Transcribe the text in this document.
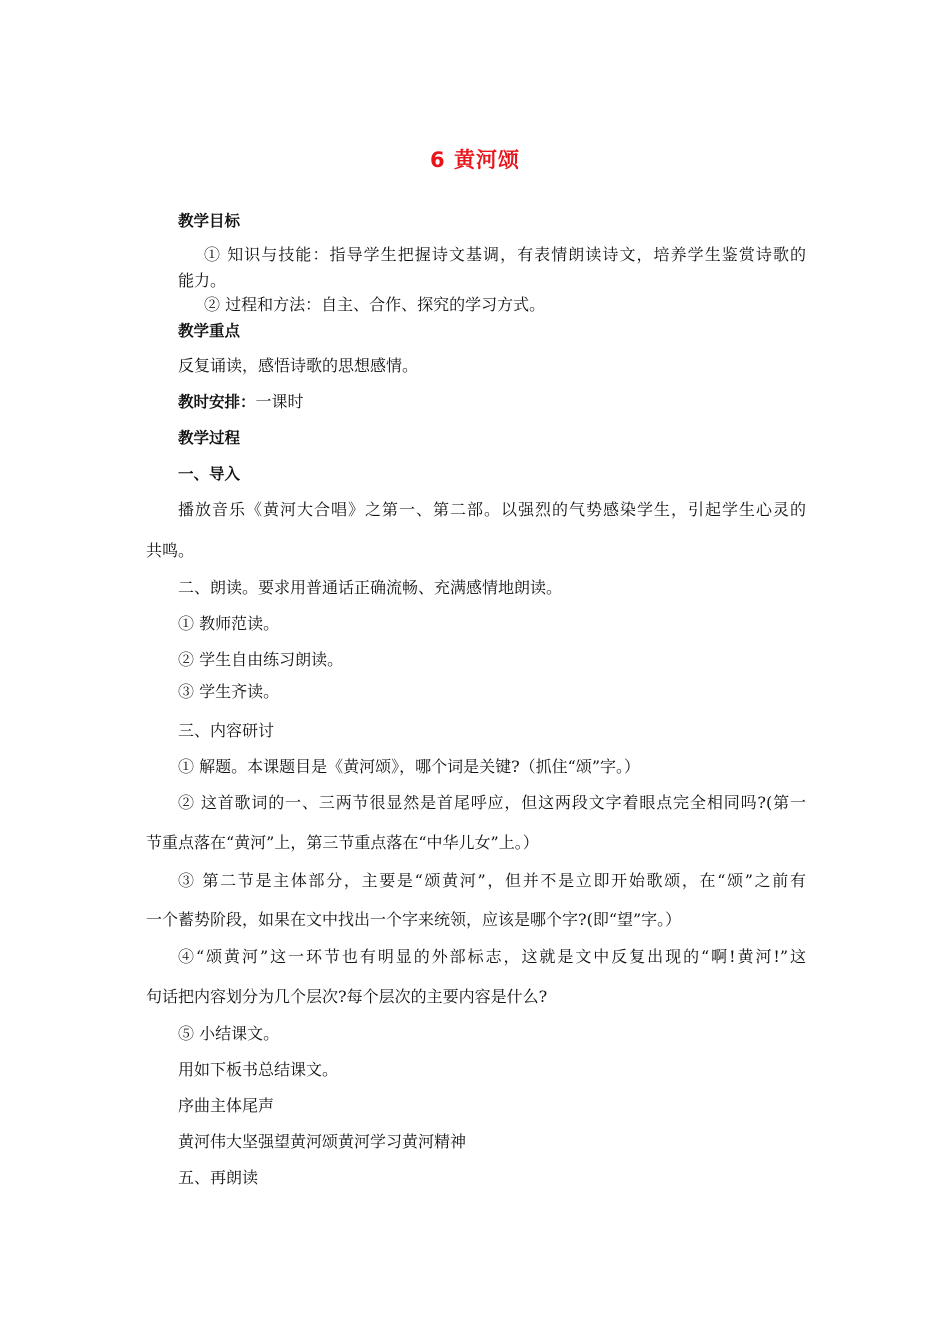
6 黄河颂
教学目标
① 知识与技能：指导学生把握诗文基调，有表情朗读诗文，培养学生鉴赏诗歌的
能力。
② 过程和方法：自主、合作、探究的学习方式。
教学重点
反复诵读，感悟诗歌的思想感情。
教时安排：一课时
教学过程
一、导入
播放音乐《黄河大合唱》之第一、第二部。以强烈的气势感染学生，引起学生心灵的
共鸣。
二、朗读。要求用普通话正确流畅、充满感情地朗读。
① 教师范读。
② 学生自由练习朗读。
③ 学生齐读。
三、内容研讨
① 解题。本课题目是《黄河颂》，哪个词是关键?（抓住“颂”字。）
② 这首歌词的一、三两节很显然是首尾呼应，但这两段文字着眼点完全相同吗?(第一
节重点落在“黄河”上，第三节重点落在“中华儿女”上。）
③ 第二节是主体部分，主要是“颂黄河”，但并不是立即开始歌颂，在“颂”之前有
一个蓄势阶段，如果在文中找出一个字来统领，应该是哪个字?(即“望”字。）
④“颂黄河”这一环节也有明显的外部标志，这就是文中反复出现的“啊!黄河!”这
句话把内容划分为几个层次?每个层次的主要内容是什么?
⑤ 小结课文。
用如下板书总结课文。
序曲主体尾声
黄河伟大坚强望黄河颂黄河学习黄河精神
五、再朗读
